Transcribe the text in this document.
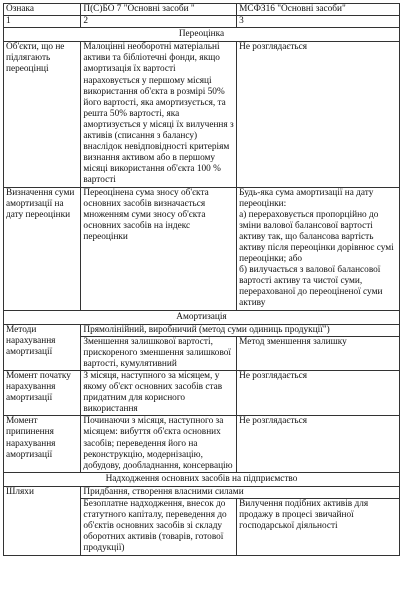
Ознака	П(С)БО 7 "Основні засоби "	МСФЗ16 "Основні засоби"
1	2	3
Переоцінка		
Об'єкти, що не підлягають переоцінці	Малоцінні необоротні матеріальні активи та бібліотечні фонди, якщо амортизація їх вартості нараховується у першому місяці використання об'єкта в розмірі 50% його вартості, яка амортизується, та решта 50% вартості, яка амортизується у місяці їх вилучення з активів (списання з балансу) внаслідок невідповідності критеріям визнання активом або в першому місяці використання об'єкта 100 % вартості	Не розглядається
Визначення суми амортизації на дату переоцінки	Переоцінена сума зносу об'єкта основних засобів визначається множенням суми зносу об'єкта основних засобів на індекс переоцінки	Будь-яка сума амортизації на дату переоцінки:
а) перераховується пропорційно до зміни валової балансової вартості активу так, що балансова вартість активу після переоцінки дорівнює сумі переоцінки; або
б) вилучається з валової балансової вартості активу та чистої суми, перерахованої до переоціненої суми активу
Амортизація		
Методи нарахування амортизації	Прямолінійний, виробничий (метод суми одиниць продукції")	
	Зменшення залишкової вартості, прискореного зменшення залишкової вартості, кумулятивний	Метод зменшення залишку
Момент початку нарахування амортизації	З місяця, наступного за місяцем, у якому об'єкт основних засобів став придатним для корисного використання	Не розглядається
Момент припинення нарахування амортизації	Починаючи з місяця, наступного за місяцем: вибуття об'єкта основних засобів; переведення його на реконструкцію, модернізацію, добудову, дообладнання, консервацію	Не розглядається
Надходження основних засобів на підприємство		
Шляхи	Придбання, створення власними силами	
	Безоплатне надходження, внесок до статутного капіталу, переведення до об'єктів основних засобів зі складу оборотних активів (товарів, готової продукції)	Вилучення подібних активів для продажу в процесі звичайної господарської діяльності
